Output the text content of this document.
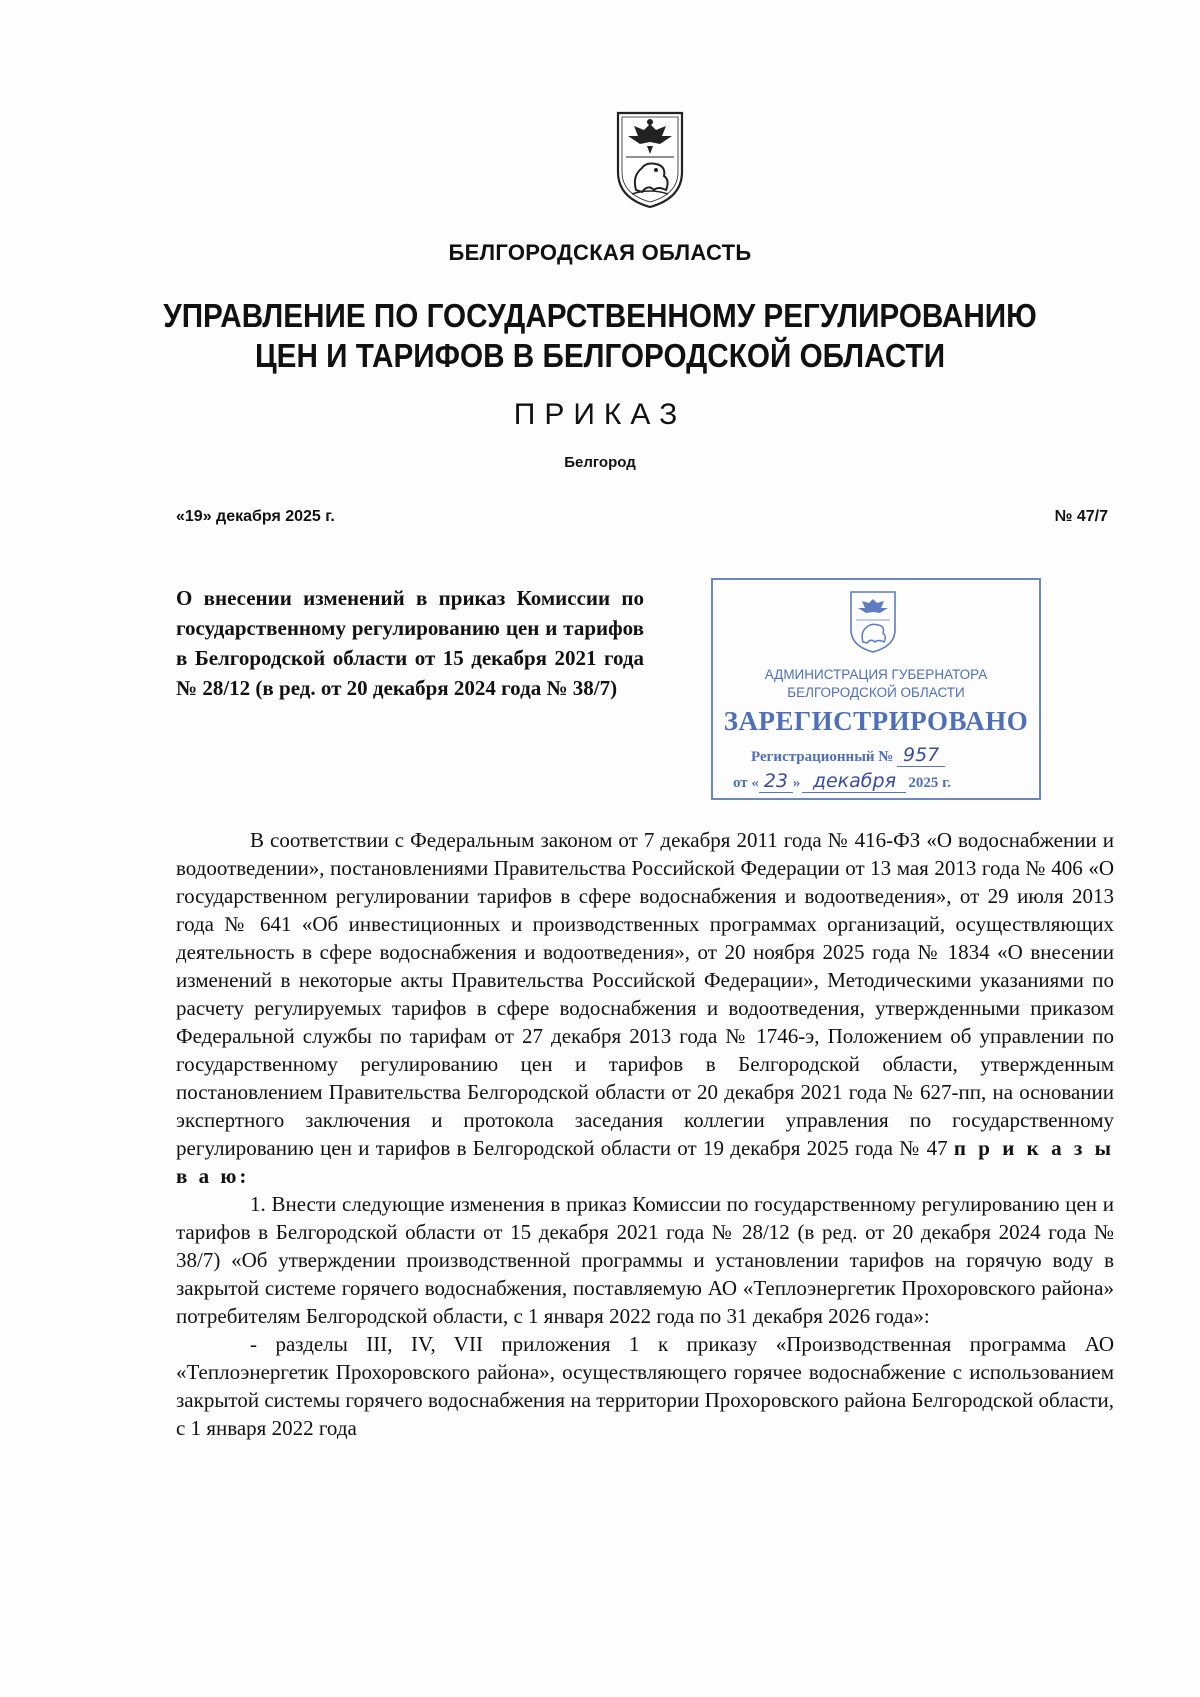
БЕЛГОРОДСКАЯ ОБЛАСТЬ
УПРАВЛЕНИЕ ПО ГОСУДАРСТВЕННОМУ РЕГУЛИРОВАНИЮ
ЦЕН И ТАРИФОВ В БЕЛГОРОДСКОЙ ОБЛАСТИ
ПРИКАЗ
Белгород
«19» декабря 2025 г.	№ 47/7

О внесении изменений в приказ Комиссии по государственному регулированию цен и тарифов в Белгородской области от 15 декабря 2021 года № 28/12 (в ред. от 20 декабря 2024 года № 38/7)

АДМИНИСТРАЦИЯ ГУБЕРНАТОРА
БЕЛГОРОДСКОЙ ОБЛАСТИ
ЗАРЕГИСТРИРОВАНО
Регистрационный № 957
от « 23 » декабря 2025 г.

В соответствии с Федеральным законом от 7 декабря 2011 года № 416-ФЗ «О водоснабжении и водоотведении», постановлениями Правительства Российской Федерации от 13 мая 2013 года № 406 «О государственном регулировании тарифов в сфере водоснабжения и водоотведения», от 29 июля 2013 года № 641 «Об инвестиционных и производственных программах организаций, осуществляющих деятельность в сфере водоснабжения и водоотведения», от 20 ноября 2025 года № 1834 «О внесении изменений в некоторые акты Правительства Российской Федерации», Методическими указаниями по расчету регулируемых тарифов в сфере водоснабжения и водоотведения, утвержденными приказом Федеральной службы по тарифам от 27 декабря 2013 года № 1746-э, Положением об управлении по государственному регулированию цен и тарифов в Белгородской области, утвержденным постановлением Правительства Белгородской области от 20 декабря 2021 года № 627-пп, на основании экспертного заключения и протокола заседания коллегии управления по государственному регулированию цен и тарифов в Белгородской области от 19 декабря 2025 года № 47 п р и к а з ы в а ю:

1. Внести следующие изменения в приказ Комиссии по государственному регулированию цен и тарифов в Белгородской области от 15 декабря 2021 года № 28/12 (в ред. от 20 декабря 2024 года № 38/7) «Об утверждении производственной программы и установлении тарифов на горячую воду в закрытой системе горячего водоснабжения, поставляемую АО «Теплоэнергетик Прохоровского района» потребителям Белгородской области, с 1 января 2022 года по 31 декабря 2026 года»:

- разделы III, IV, VII приложения 1 к приказу «Производственная программа АО «Теплоэнергетик Прохоровского района», осуществляющего горячее водоснабжение с использованием закрытой системы горячего водоснабжения на территории Прохоровского района Белгородской области, с 1 января 2022 года
